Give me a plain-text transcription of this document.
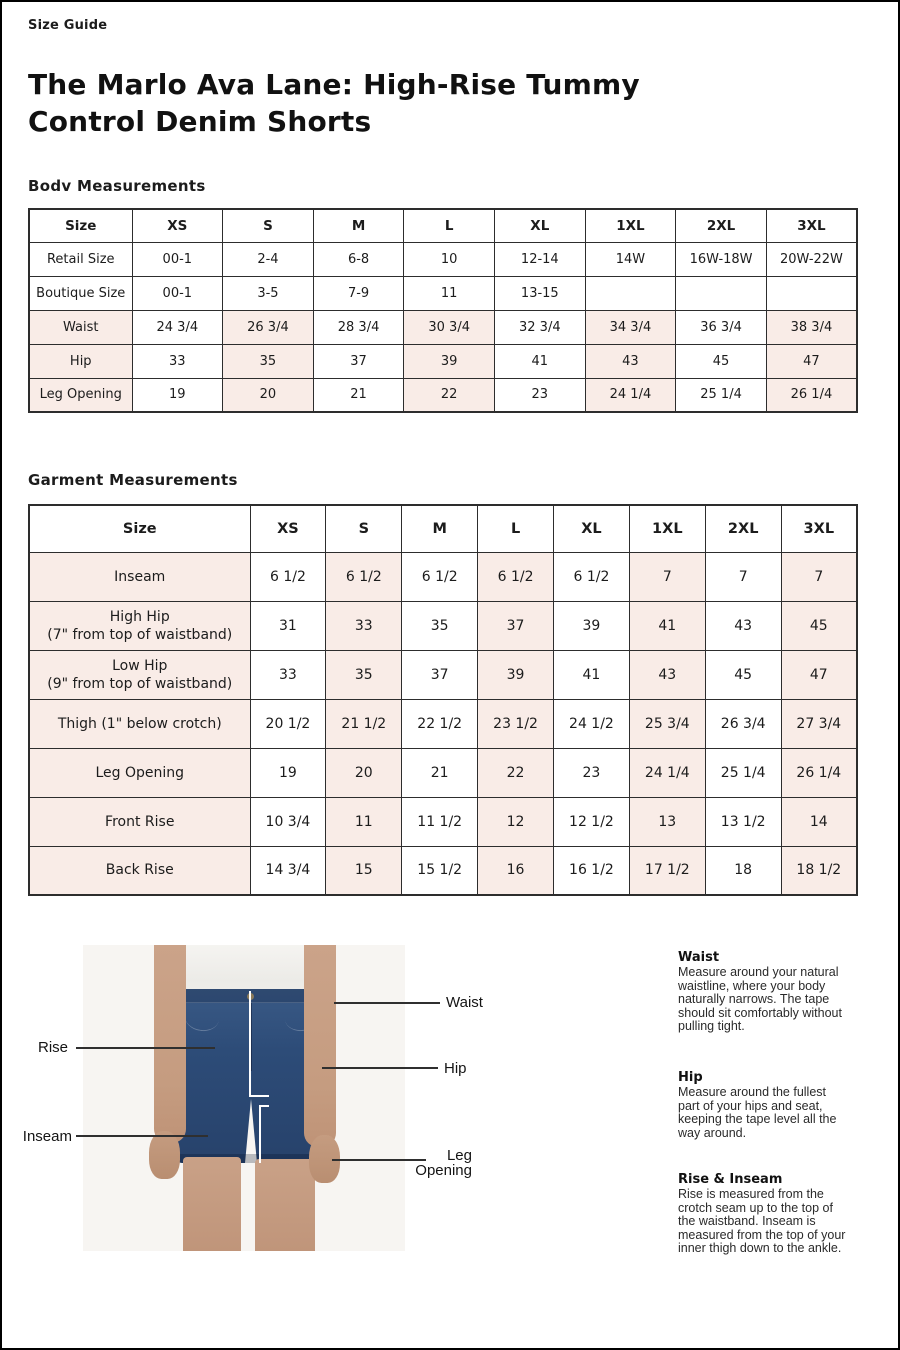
Size Guide
The Marlo Ava Lane: High-Rise Tummy Control Denim Shorts
Bodv Measurements
Size	XS	S	M	L	XL	1XL	2XL	3XL

Retail Size	00-1	2-4	6-8	10	12-14	14W	16W-18W	20W-22W

Boutique Size	00-1	3-5	7-9	11	13-15			

Waist	24 3/4	26 3/4	28 3/4	30 3/4	32 3/4	34 3/4	36 3/4	38 3/4

Hip	33	35	37	39	41	43	45	47

Leg Opening	19	20	21	22	23	24 1/4	25 1/4	26 1/4
Garment Measurements
Size	XS	S	M	L	XL	1XL	2XL	3XL

Inseam	6 1/2	6 1/2	6 1/2	6 1/2	6 1/2	7	7	7

High Hip
(7" from top of waistband)	31	33	35	37	39	41	43	45

Low Hip
(9" from top of waistband)	33	35	37	39	41	43	45	47

Thigh (1" below crotch)	20 1/2	21 1/2	22 1/2	23 1/2	24 1/2	25 3/4	26 3/4	27 3/4

Leg Opening	19	20	21	22	23	24 1/4	25 1/4	26 1/4

Front Rise	10 3/4	11	11 1/2	12	12 1/2	13	13 1/2	14

Back Rise	14 3/4	15	15 1/2	16	16 1/2	17 1/2	18	18 1/2
Rise
Inseam
Waist
Hip
Leg Opening
Waist

Measure around your natural waistline, where your body naturally narrows. The tape should sit comfortably without pulling tight.

Hip

Measure around the fullest part of your hips and seat, keeping the tape level all the way around.

Rise & Inseam

Rise is measured from the crotch seam up to the top of the waistband. Inseam is measured from the top of your inner thigh down to the ankle.
